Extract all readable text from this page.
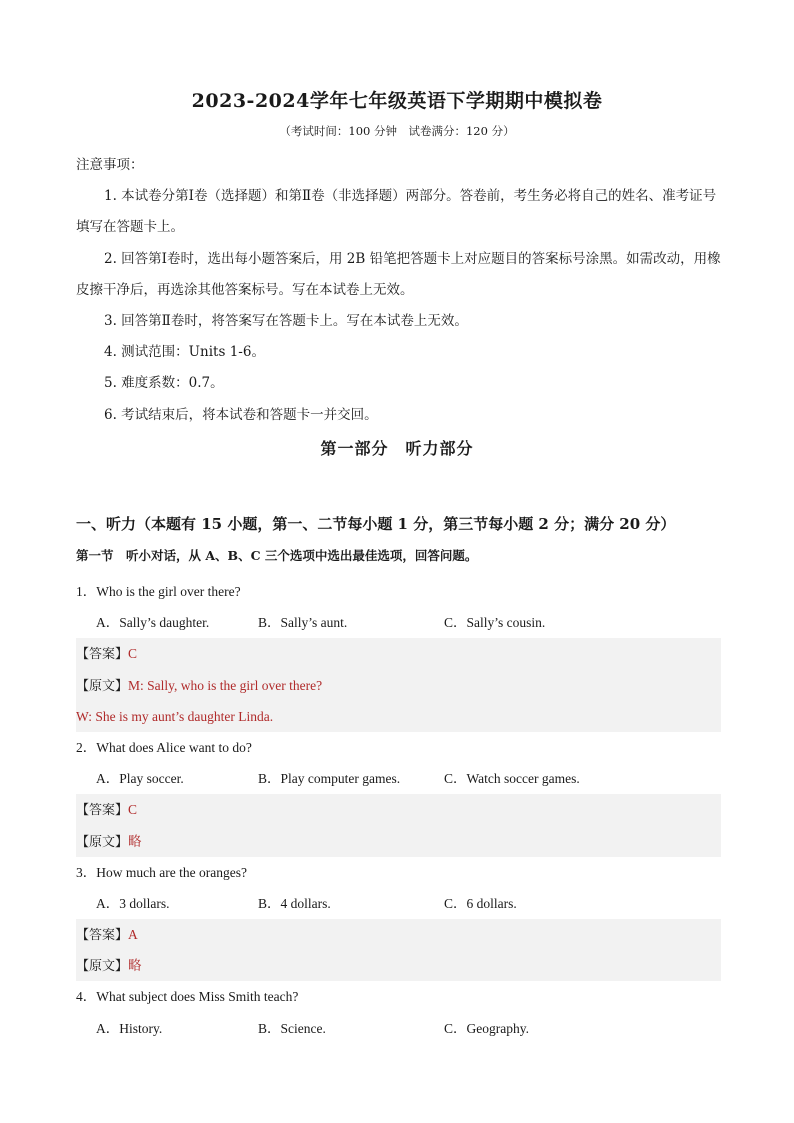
2023-2024学年七年级英语下学期期中模拟卷
（考试时间：100 分钟　试卷满分：120 分）
注意事项：
1. 本试卷分第Ⅰ卷（选择题）和第Ⅱ卷（非选择题）两部分。答卷前，考生务必将自己的姓名、准考证号填写在答题卡上。
2. 回答第Ⅰ卷时，选出每小题答案后，用 2B 铅笔把答题卡上对应题目的答案标号涂黑。如需改动，用橡皮擦干净后，再选涂其他答案标号。写在本试卷上无效。
3. 回答第Ⅱ卷时，将答案写在答题卡上。写在本试卷上无效。
4. 测试范围：Units 1-6。
5. 难度系数：0.7。
6. 考试结束后，将本试卷和答题卡一并交回。
第一部分　听力部分
一、听力（本题有 15 小题，第一、二节每小题 1 分，第三节每小题 2 分；满分 20 分）
第一节　听小对话，从 A、B、C 三个选项中选出最佳选项，回答问题。
1．Who is the girl over there?
A．Sally’s daughter.	B．Sally’s aunt.	C．Sally’s cousin.
【答案】C
【原文】M: Sally, who is the girl over there?
W: She is my aunt’s daughter Linda.
2．What does Alice want to do?
A．Play soccer.	B．Play computer games.	C．Watch soccer games.
【答案】C
【原文】略
3．How much are the oranges?
A．3 dollars.	B．4 dollars.	C．6 dollars.
【答案】A
【原文】略
4．What subject does Miss Smith teach?
A．History.	B．Science.	C．Geography.
